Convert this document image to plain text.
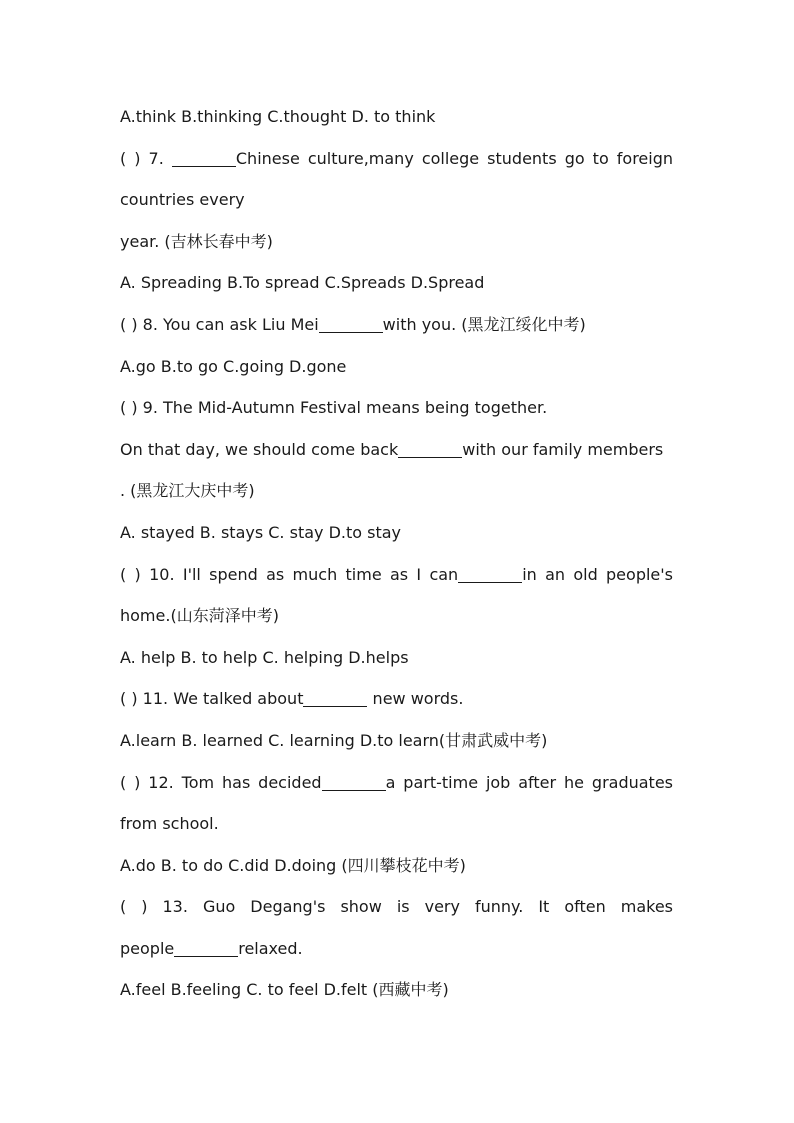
A.think B.thinking C.thought D. to think
( ) 7.	Chinese culture,many college students go to foreign
countries every
year. (吉林长春中考)
A. Spreading B.To spread C.Spreads D.Spread
( ) 8. You can ask Liu Mei	with you. (黑龙江绥化中考)
A.go B.to go C.going D.gone
( ) 9. The Mid-Autumn Festival means being together.
On that day, we should come back	with our family members
. (黑龙江大庆中考)
A. stayed B. stays C. stay D.to stay
( ) 10. I'll spend as much time as I can	in an old people's
home.(山东菏泽中考)
A. help B. to help C. helping D.helps
( ) 11. We talked about	new words.
A.learn B. learned C. learning D.to learn(甘肃武威中考)
( ) 12. Tom has decided	a part-time job after he graduates
from school.
A.do B. to do C.did D.doing (四川攀枝花中考)
( ) 13. Guo Degang's show is very funny. It often makes
people	relaxed.
A.feel B.feeling C. to feel D.felt (西藏中考)
